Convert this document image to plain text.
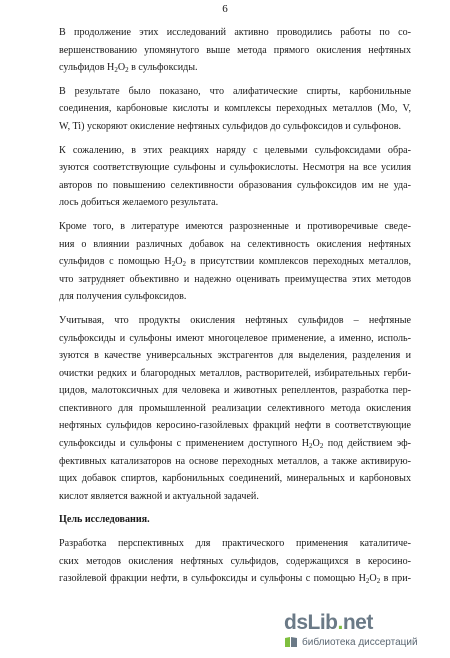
6

В продолжение этих исследований активно проводились работы по со-
вершенствованию упомянутого выше метода прямого окисления нефтяных
сульфидов $H_2O_2$ в сульфоксиды.

В результате было показано, что алифатические спирты, карбонильные
соединения, карбоновые кислоты и комплексы переходных металлов (Mo, V,
W, Ti) ускоряют окисление нефтяных сульфидов до сульфоксидов и сульфонов.

К сожалению, в этих реакциях наряду с целевыми сульфоксидами обра-
зуются соответствующие сульфоны и сульфокислоты. Несмотря на все усилия
авторов по повышению селективности образования сульфоксидов им не уда-
лось добиться желаемого результата.

Кроме того, в литературе имеются разрозненные и противоречивые сведе-
ния о влиянии различных добавок на селективность окисления нефтяных
сульфидов с помощью $H_2O_2$ в присутствии комплексов переходных металлов,
что затрудняет объективно и надежно оценивать преимущества этих методов
для получения сульфоксидов.

Учитывая, что продукты окисления нефтяных сульфидов – нефтяные
сульфоксиды и сульфоны имеют многоцелевое применение, а именно, исполь-
зуются в качестве универсальных экстрагентов для выделения, разделения и
очистки редких и благородных металлов, растворителей, избирательных герби-
цидов, малотоксичных для человека и животных репеллентов, разработка пер-
спективного для промышленной реализации селективного метода окисления
нефтяных сульфидов керосино-газойлевых фракций нефти в соответствующие
сульфоксиды и сульфоны с применением доступного $H_2O_2$ под действием эф-
фективных катализаторов на основе переходных металлов, а также активирую-
щих добавок спиртов, карбонильных соединений, минеральных и карбоновых
кислот является важной и актуальной задачей.

Цель исследования.

Разработка перспективных для практического применения каталитиче-
ских методов окисления нефтяных сульфидов, содержащихся в керосино-
газойлевой фракции нефти, в сульфоксиды и сульфоны с помощью $H_2O_2$ в при-

dsLib.net
библиотека диссертаций
